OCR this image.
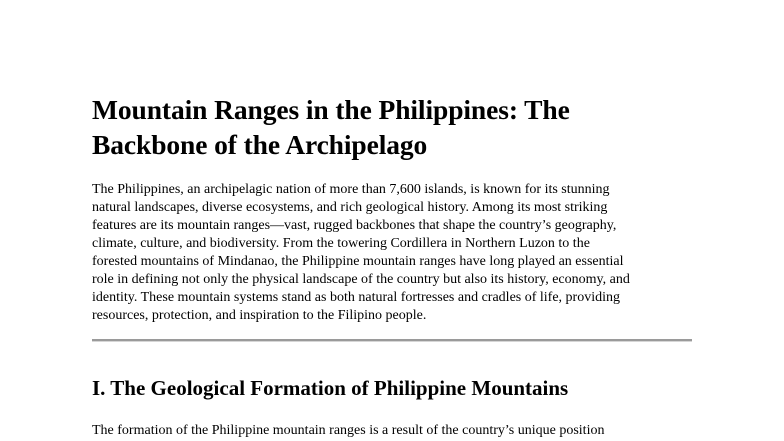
Mountain Ranges in the Philippines: The
Backbone of the Archipelago

The Philippines, an archipelagic nation of more than 7,600 islands, is known for its stunning
natural landscapes, diverse ecosystems, and rich geological history. Among its most striking
features are its mountain ranges—vast, rugged backbones that shape the country’s geography,
climate, culture, and biodiversity. From the towering Cordillera in Northern Luzon to the
forested mountains of Mindanao, the Philippine mountain ranges have long played an essential
role in defining not only the physical landscape of the country but also its history, economy, and
identity. These mountain systems stand as both natural fortresses and cradles of life, providing
resources, protection, and inspiration to the Filipino people.

I. The Geological Formation of Philippine Mountains

The formation of the Philippine mountain ranges is a result of the country’s unique position
